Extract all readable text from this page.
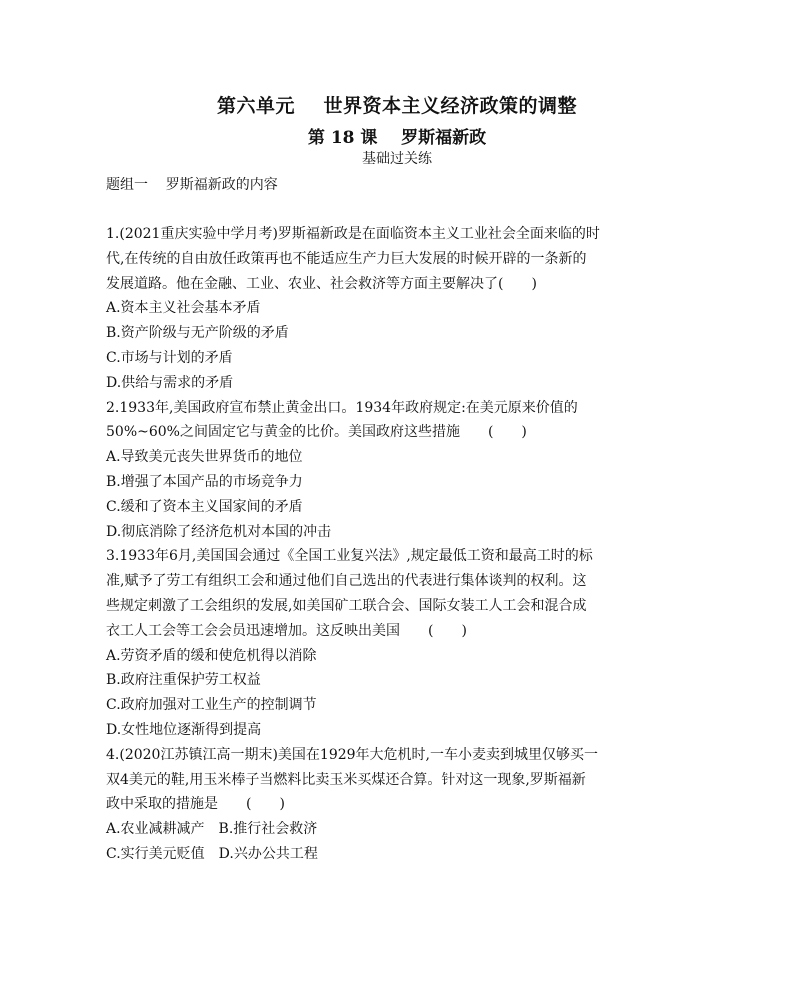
第六单元    世界资本主义经济政策的调整
第 18 课    罗斯福新政
基础过关练
题组一    罗斯福新政的内容
1.(2021重庆实验中学月考)罗斯福新政是在面临资本主义工业社会全面来临的时
代,在传统的自由放任政策再也不能适应生产力巨大发展的时候开辟的一条新的
发展道路。他在金融、工业、农业、社会救济等方面主要解决了(　　)
A.资本主义社会基本矛盾
B.资产阶级与无产阶级的矛盾
C.市场与计划的矛盾
D.供给与需求的矛盾
2.1933年,美国政府宣布禁止黄金出口。1934年政府规定:在美元原来价值的
50%~60%之间固定它与黄金的比价。美国政府这些措施　　(　　)
A.导致美元丧失世界货币的地位
B.增强了本国产品的市场竞争力
C.缓和了资本主义国家间的矛盾
D.彻底消除了经济危机对本国的冲击
3.1933年6月,美国国会通过《全国工业复兴法》,规定最低工资和最高工时的标
准,赋予了劳工有组织工会和通过他们自己选出的代表进行集体谈判的权利。这
些规定刺激了工会组织的发展,如美国矿工联合会、国际女装工人工会和混合成
衣工人工会等工会会员迅速增加。这反映出美国　　(　　)
A.劳资矛盾的缓和使危机得以消除
B.政府注重保护劳工权益
C.政府加强对工业生产的控制调节
D.女性地位逐渐得到提高
4.(2020江苏镇江高一期末)美国在1929年大危机时,一车小麦卖到城里仅够买一
双4美元的鞋,用玉米棒子当燃料比卖玉米买煤还合算。针对这一现象,罗斯福新
政中采取的措施是　　(　　)
A.农业减耕减产　B.推行社会救济
C.实行美元贬值　D.兴办公共工程
